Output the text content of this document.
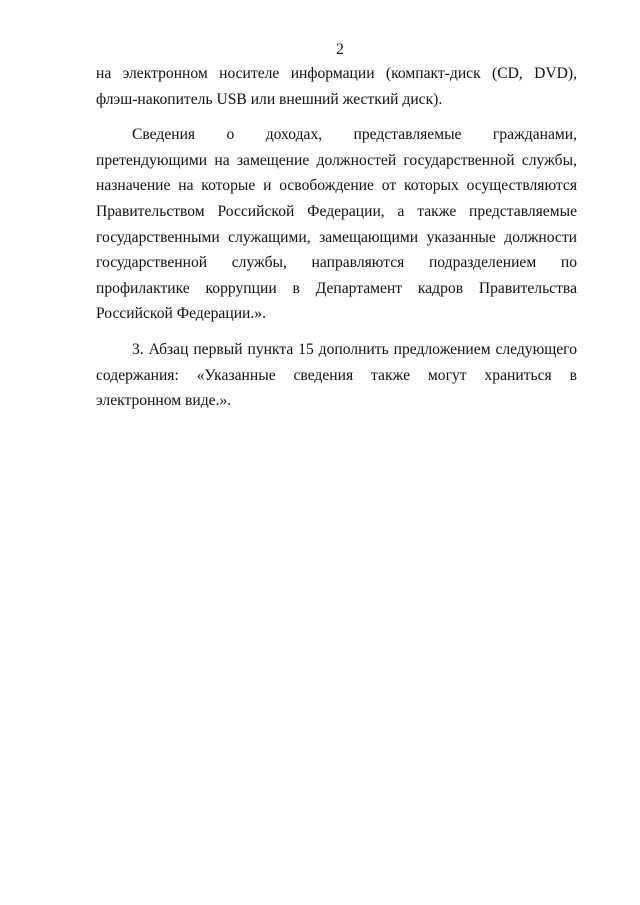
2

на электронном носителе информации (компакт-диск (CD, DVD), флэш-накопитель USB или внешний жесткий диск).

Сведения о доходах, представляемые гражданами, претендующими на замещение должностей государственной службы, назначение на которые и освобождение от которых осуществляются Правительством Российской Федерации, а также представляемые государственными служащими, замещающими указанные должности государственной службы, направляются подразделением по профилактике коррупции в Департамент кадров Правительства Российской Федерации.».

3. Абзац первый пункта 15 дополнить предложением следующего содержания: «Указанные сведения также могут храниться в электронном виде.».
